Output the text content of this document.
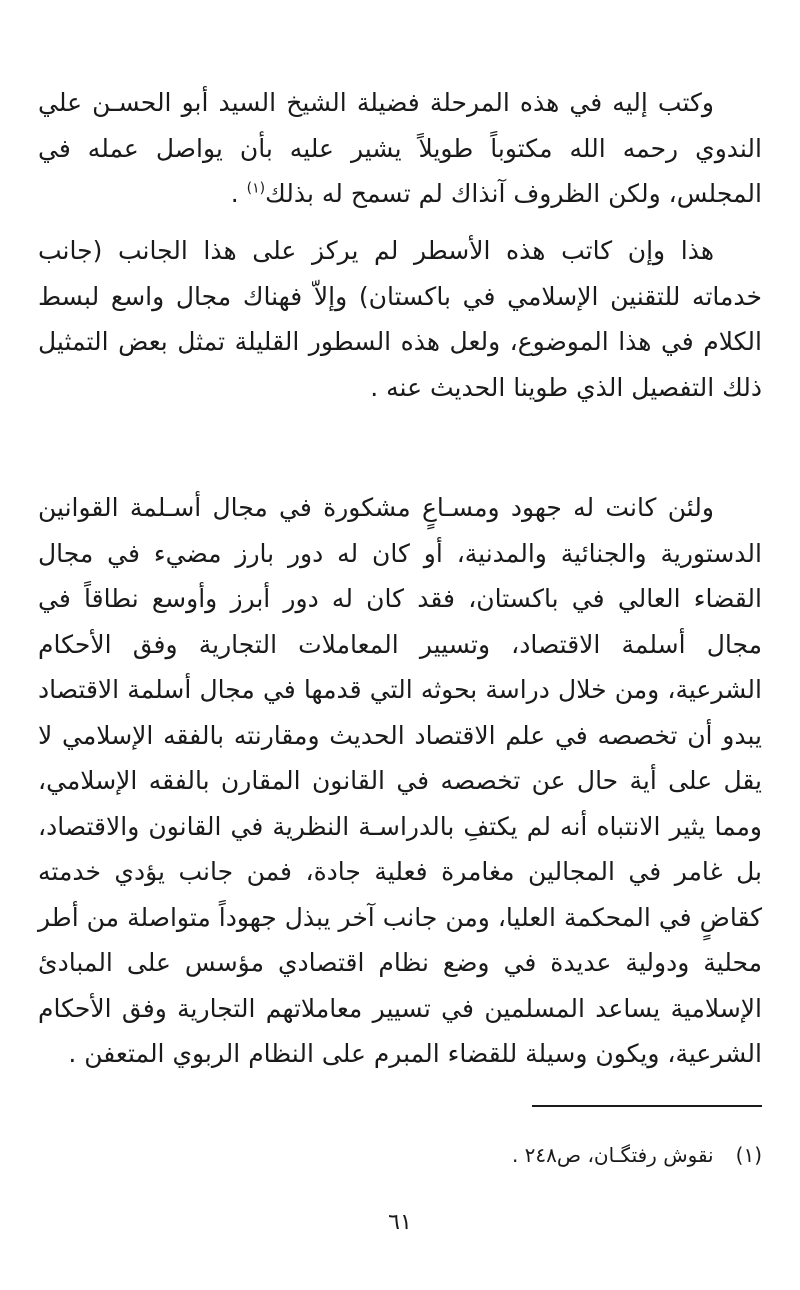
وكتب إليه في هذه المرحلة فضيلة الشيخ السيد أبو الحسـن علي الندوي رحمه الله مكتوباً طويلاً يشير عليه بأن يواصل عمله في المجلس، ولكن الظروف آنذاك لم تسمح له بذلك$^{(١)}$ .

هذا وإن كاتب هذه الأسطر لم يركز على هذا الجانب (جانب خدماته للتقنين الإسلامي في باكستان) وإلاّ فهناك مجال واسع لبسط الكلام في هذا الموضوع، ولعل هذه السطور القليلة تمثل بعض التمثيل ذلك التفصيل الذي طوينا الحديث عنه .

ولئن كانت له جهود ومسـاعٍ مشكورة في مجال أسـلمة القوانين الدستورية والجنائية والمدنية، أو كان له دور بارز مضيء في مجال القضاء العالي في باكستان، فقد كان له دور أبرز وأوسع نطاقاً في مجال أسلمة الاقتصاد، وتسيير المعاملات التجارية وفق الأحكام الشرعية، ومن خلال دراسة بحوثه التي قدمها في مجال أسلمة الاقتصاد يبدو أن تخصصه في علم الاقتصاد الحديث ومقارنته بالفقه الإسلامي لا يقل على أية حال عن تخصصه في القانون المقارن بالفقه الإسلامي، ومما يثير الانتباه أنه لم يكتفِ بالدراسـة النظرية في القانون والاقتصاد، بل غامر في المجالين مغامرة فعلية جادة، فمن جانب يؤدي خدمته كقاضٍ في المحكمة العليا، ومن جانب آخر يبذل جهوداً متواصلة من أطر محلية ودولية عديدة في وضع نظام اقتصادي مؤسس على المبادئ الإسلامية يساعد المسلمين في تسيير معاملاتهم التجارية وفق الأحكام الشرعية، ويكون وسيلة للقضاء المبرم على النظام الربوي المتعفن .

(١)نقوش رفتگـان، ص٢٤٨ .

٦١
